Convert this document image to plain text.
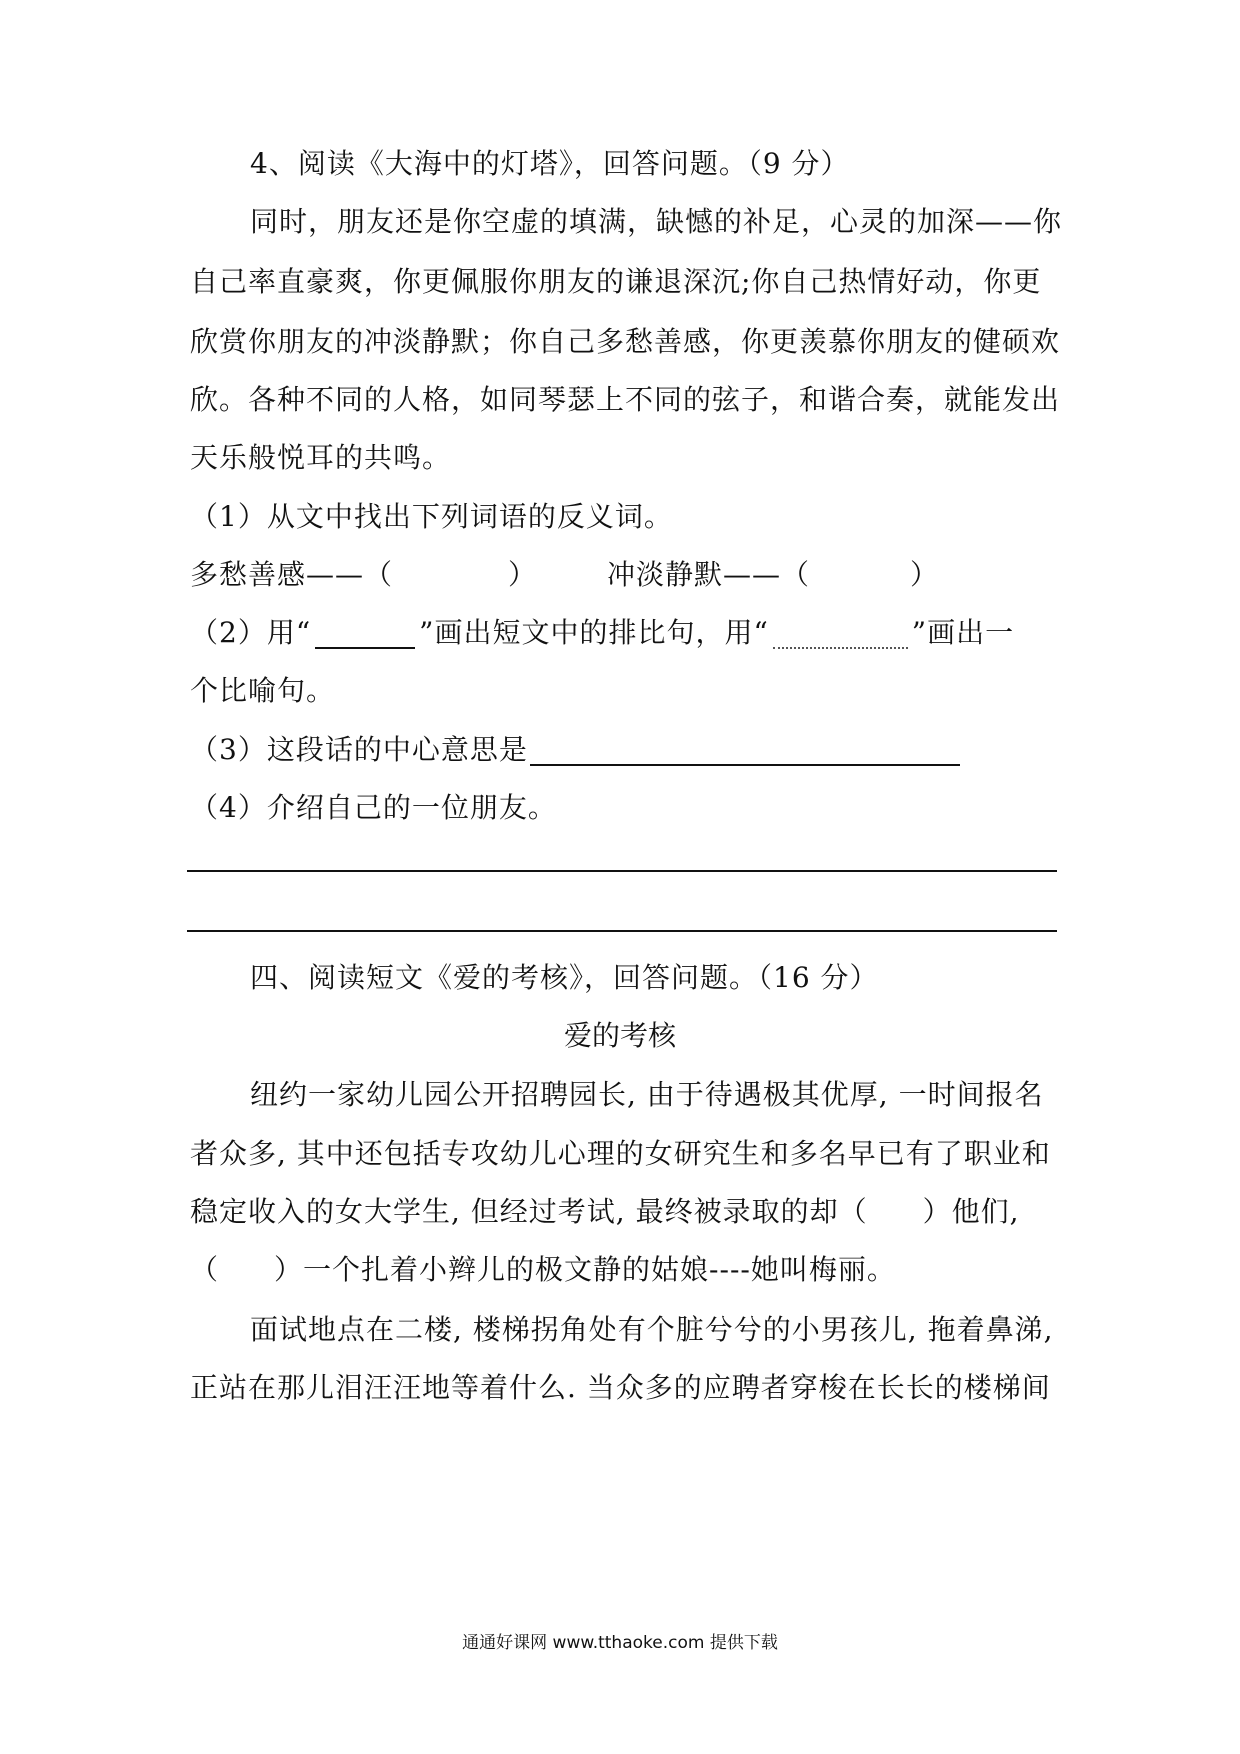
4、阅读《大海中的灯塔》，回答问题。（9 分）
同时，朋友还是你空虚的填满，缺憾的补足，心灵的加深——你
自己率直豪爽，你更佩服你朋友的谦退深沉;你自己热情好动，你更
欣赏你朋友的冲淡静默；你自己多愁善感，你更羡慕你朋友的健硕欢
欣。各种不同的人格，如同琴瑟上不同的弦子，和谐合奏，就能发出
天乐般悦耳的共鸣。
（1）从文中找出下列词语的反义词。
多愁善感——（	）	冲淡静默——（	）
（2）用“	”画出短文中的排比句，用“	”画出一
个比喻句。
（3）这段话的中心意思是
（4）介绍自己的一位朋友。
四、阅读短文《爱的考核》，回答问题。（16 分）
爱的考核
纽约一家幼儿园公开招聘园长, 由于待遇极其优厚, 一时间报名
者众多, 其中还包括专攻幼儿心理的女研究生和多名早已有了职业和
稳定收入的女大学生, 但经过考试, 最终被录取的却（ ）他们,
（ ）一个扎着小辫儿的极文静的姑娘----她叫梅丽。
面试地点在二楼, 楼梯拐角处有个脏兮兮的小男孩儿, 拖着鼻涕,
正站在那儿泪汪汪地等着什么. 当众多的应聘者穿梭在长长的楼梯间
通通好课网 www.tthaoke.com 提供下载
